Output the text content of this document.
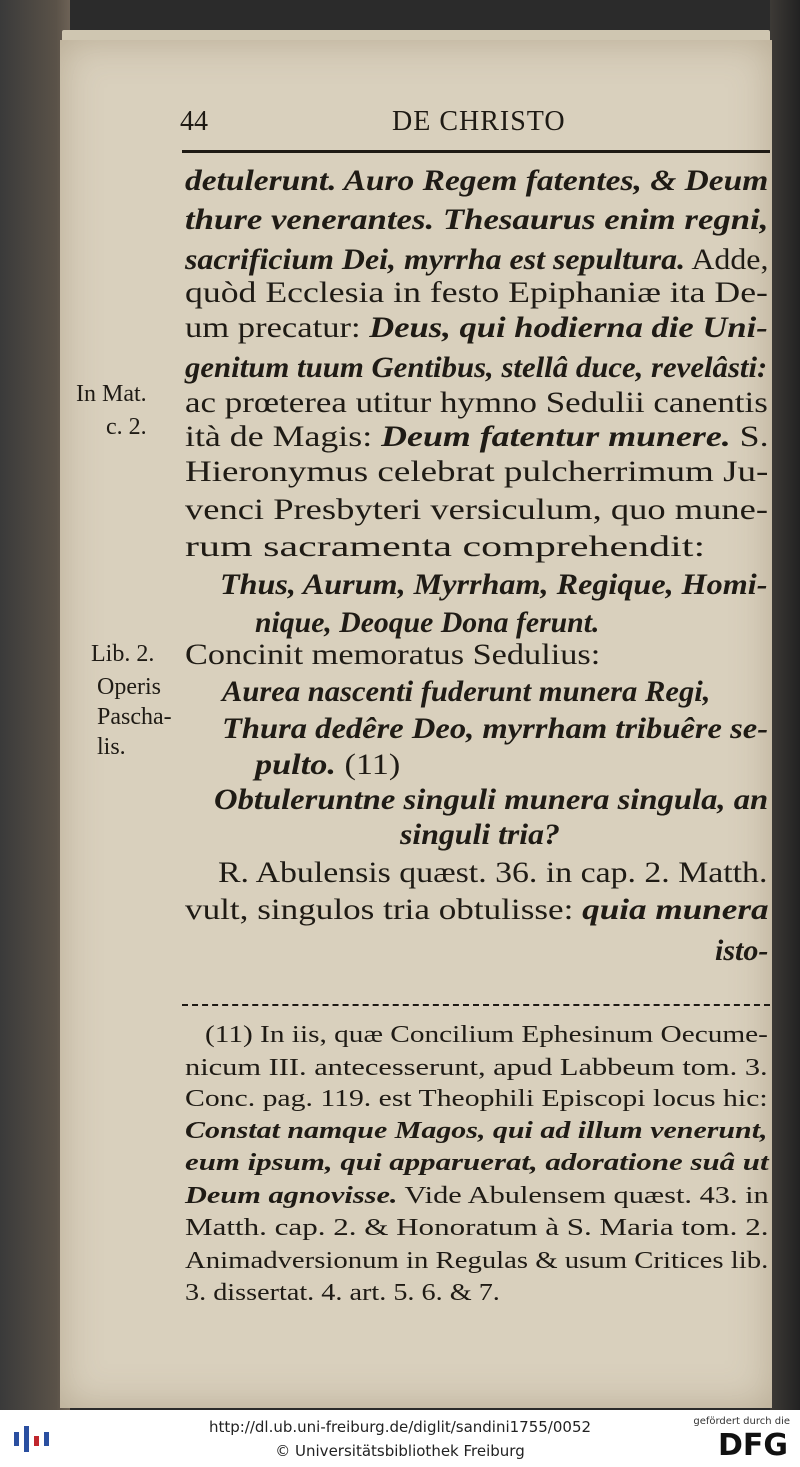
44	DE CHRISTO
detulerunt. Auro Regem fatentes, & Deum
thure venerantes. Thesaurus enim regni,
sacrificium Dei, myrrha est sepultura. Adde,
quòd Ecclesia in festo Epiphaniæ ita De-
um precatur: Deus, qui hodierna die Uni-
genitum tuum Gentibus, stellâ duce, revelâsti:
ac prœterea utitur hymno Sedulii canentis
ità de Magis: Deum fatentur munere. S.
Hieronymus celebrat pulcherrimum Ju-
venci Presbyteri versiculum, quo mune-
rum sacramenta comprehendit:
Thus, Aurum, Myrrham, Regique, Homi-
nique, Deoque Dona ferunt.
Concinit memoratus Sedulius:
Aurea nascenti fuderunt munera Regi,
Thura dedêre Deo, myrrham tribuêre se-
pulto. (11)
Obtuleruntne singuli munera singula, an
singuli tria?
R. Abulensis quæst. 36. in cap. 2. Matth.
vult, singulos tria obtulisse: quia munera
isto-
In Mat.
c. 2.
Lib. 2.
Operis
Pascha-
lis.
(11) In iis, quæ Concilium Ephesinum Oecume-
nicum III. antecesserunt, apud Labbeum tom. 3.
Conc. pag. 119. est Theophili Episcopi locus hic:
Constat namque Magos, qui ad illum venerunt,
eum ipsum, qui apparuerat, adoratione suâ ut
Deum agnovisse. Vide Abulensem quæst. 43. in
Matth. cap. 2. & Honoratum à S. Maria tom. 2.
Animadversionum in Regulas & usum Critices lib.
3. dissertat. 4. art. 5. 6. & 7.
http://dl.ub.uni-freiburg.de/diglit/sandini1755/0052
© Universitätsbibliothek Freiburg
gefördert durch die
DFG
